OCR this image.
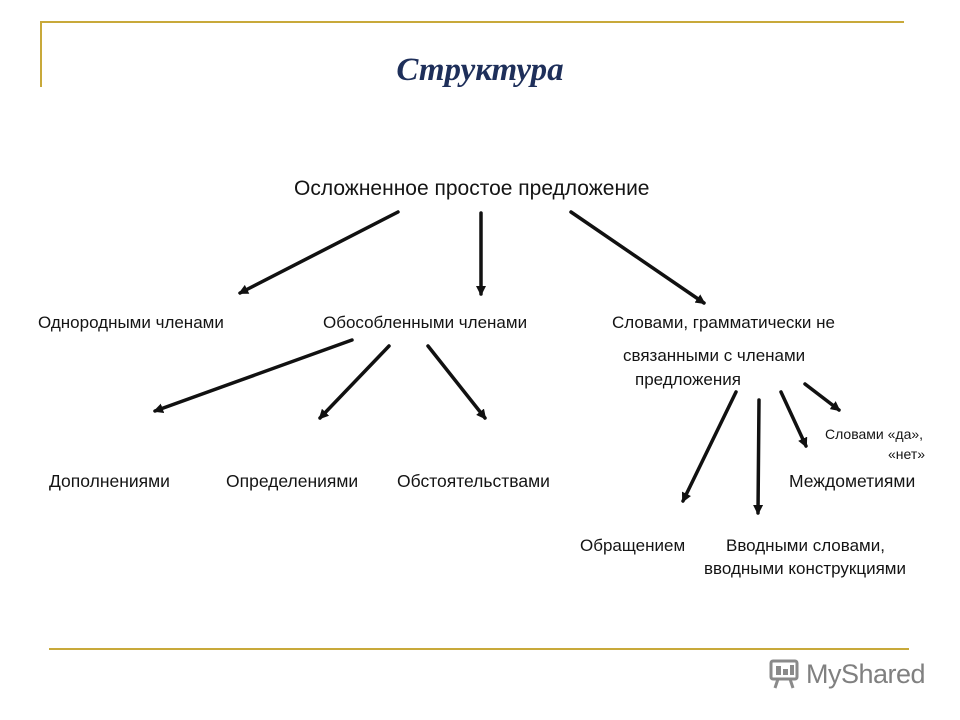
Структура
Осложненное простое предложение
Однородными членами	Обособленными членами	Словами, грамматически не
связанными с членами
предложения
Дополнениями	Определениями Обстоятельствами
Словами «да»,
«нет»
Междометиями
Обращением Вводными словами,
вводными конструкциями
MyShared
